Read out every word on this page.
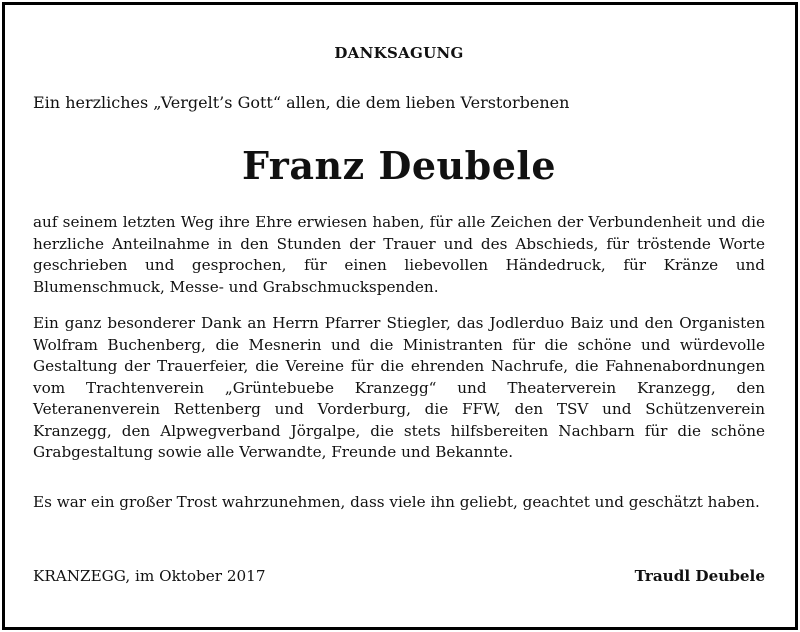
DANKSAGUNG
Ein herzliches „Vergelt’s Gott“ allen, die dem lieben Verstorbenen
Franz Deubele
auf seinem letzten Weg ihre Ehre erwiesen haben, für alle Zeichen der Verbundenheit und die herzliche Anteilnahme in den Stunden der Trauer und des Abschieds, für tröstende Worte geschrieben und gesprochen, für einen liebevollen Händedruck, für Kränze und Blumenschmuck, Messe- und Grabschmuckspenden.
Ein ganz besonderer Dank an Herrn Pfarrer Stiegler, das Jodlerduo Baiz und den Organisten Wolfram Buchenberg, die Mesnerin und die Ministranten für die schöne und würdevolle Gestaltung der Trauerfeier, die Vereine für die ehrenden Nachrufe, die Fahnenabordnungen vom Trachtenverein „Grüntebuebe Kranzegg“ und Theaterverein Kranzegg, den Veteranenverein Rettenberg und Vorderburg, die FFW, den TSV und Schützenverein Kranzegg, den Alpwegverband Jörgalpe, die stets hilfsbereiten Nachbarn für die schöne Grabgestaltung sowie alle Verwandte, Freunde und Bekannte.
Es war ein großer Trost wahrzunehmen, dass viele ihn geliebt, geachtet und geschätzt haben.
KRANZEGG, im Oktober 2017	Traudl Deubele
